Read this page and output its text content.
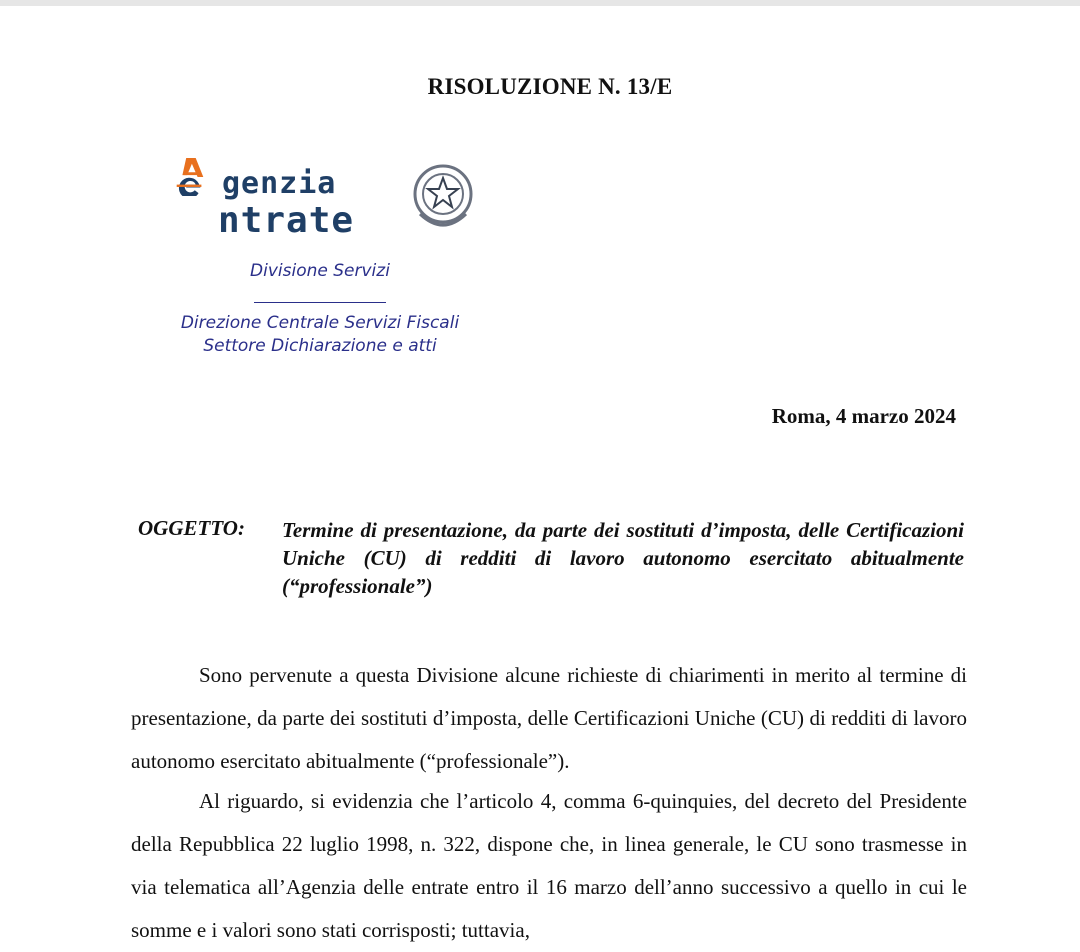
RISOLUZIONE N. 13/E
genzia
ntrate
Divisione Servizi
Direzione Centrale Servizi Fiscali
Settore Dichiarazione e atti
Roma, 4 marzo 2024
OGGETTO: Termine di presentazione, da parte dei sostituti d’imposta, delle Certificazioni Uniche (CU) di redditi di lavoro autonomo esercitato abitualmente (“professionale”)
Sono pervenute a questa Divisione alcune richieste di chiarimenti in merito al termine di presentazione, da parte dei sostituti d’imposta, delle Certificazioni Uniche (CU) di redditi di lavoro autonomo esercitato abitualmente (“professionale”).
Al riguardo, si evidenzia che l’articolo 4, comma 6-quinquies, del decreto del Presidente della Repubblica 22 luglio 1998, n. 322, dispone che, in linea generale, le CU sono trasmesse in via telematica all’Agenzia delle entrate entro il 16 marzo dell’anno successivo a quello in cui le somme e i valori sono stati corrisposti; tuttavia,
